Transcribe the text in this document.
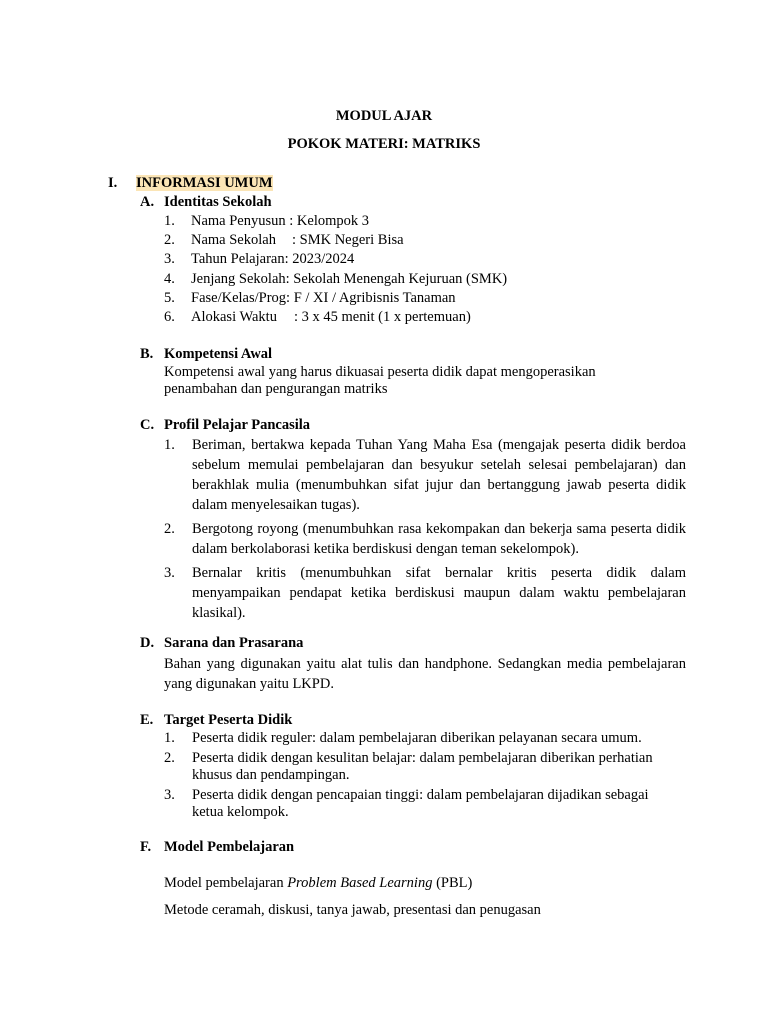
MODUL AJAR
POKOK MATERI: MATRIKS
I. INFORMASI UMUM
A. Identitas Sekolah
1. Nama Penyusun : Kelompok 3
2. Nama Sekolah : SMK Negeri Bisa
3. Tahun Pelajaran: 2023/2024
4. Jenjang Sekolah: Sekolah Menengah Kejuruan (SMK)
5. Fase/Kelas/Prog: F / XI / Agribisnis Tanaman
6. Alokasi Waktu : 3 x 45 menit (1 x pertemuan)
B. Kompetensi Awal
Kompetensi awal yang harus dikuasai peserta didik dapat mengoperasikan penambahan dan pengurangan matriks
C. Profil Pelajar Pancasila
1.	Beriman, bertakwa kepada Tuhan Yang Maha Esa (mengajak peserta didik berdoa sebelum memulai pembelajaran dan besyukur setelah selesai pembelajaran) dan berakhlak mulia (menumbuhkan sifat jujur dan bertanggung jawab peserta didik dalam menyelesaikan tugas).
2.	Bergotong royong (menumbuhkan rasa kekompakan dan bekerja sama peserta didik dalam berkolaborasi ketika berdiskusi dengan teman sekelompok).
3.	Bernalar kritis (menumbuhkan sifat bernalar kritis peserta didik dalam menyampaikan pendapat ketika berdiskusi maupun dalam waktu pembelajaran klasikal).
D. Sarana dan Prasarana
Bahan yang digunakan yaitu alat tulis dan handphone. Sedangkan media pembelajaran   yang digunakan yaitu LKPD.
E. Target Peserta Didik
1.	Peserta didik reguler: dalam pembelajaran diberikan pelayanan secara umum.
2.	Peserta didik dengan kesulitan belajar: dalam pembelajaran diberikan perhatian khusus dan pendampingan.
3.	Peserta didik dengan pencapaian tinggi: dalam pembelajaran dijadikan sebagai ketua kelompok.
F. Model Pembelajaran
Model pembelajaran Problem Based Learning (PBL)
Metode ceramah, diskusi, tanya jawab, presentasi dan penugasan
